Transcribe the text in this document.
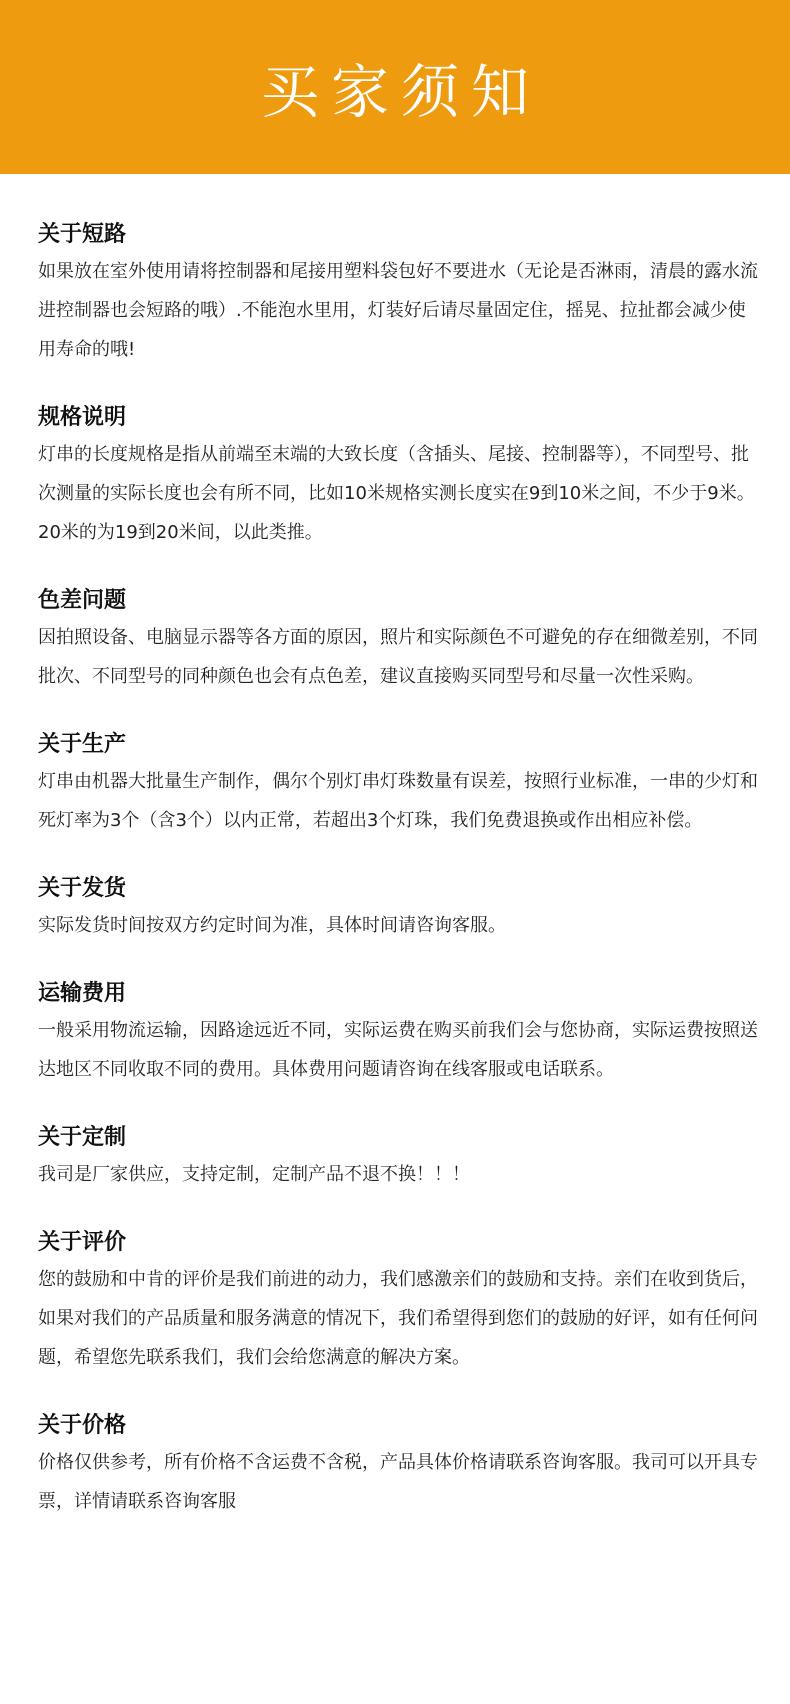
买家须知
关于短路

如果放在室外使用请将控制器和尾接用塑料袋包好不要进水（无论是否淋雨，清晨的露水流进控制器也会短路的哦）.不能泡水里用，灯装好后请尽量固定住，摇晃、拉扯都会减少使用寿命的哦!

规格说明

灯串的长度规格是指从前端至末端的大致长度（含插头、尾接、控制器等），不同型号、批次测量的实际长度也会有所不同，比如10米规格实测长度实在9到10米之间，不少于9米。20米的为19到20米间，以此类推。

色差问题

因拍照设备、电脑显示器等各方面的原因，照片和实际颜色不可避免的存在细微差别，不同批次、不同型号的同种颜色也会有点色差，建议直接购买同型号和尽量一次性采购。

关于生产

灯串由机器大批量生产制作，偶尔个别灯串灯珠数量有误差，按照行业标准，一串的少灯和死灯率为3个（含3个）以内正常，若超出3个灯珠，我们免费退换或作出相应补偿。

关于发货

实际发货时间按双方约定时间为准，具体时间请咨询客服。

运输费用

一般采用物流运输，因路途远近不同，实际运费在购买前我们会与您协商，实际运费按照送达地区不同收取不同的费用。具体费用问题请咨询在线客服或电话联系。

关于定制

我司是厂家供应，支持定制，定制产品不退不换！！！

关于评价

您的鼓励和中肯的评价是我们前进的动力，我们感激亲们的鼓励和支持。亲们在收到货后，如果对我们的产品质量和服务满意的情况下，我们希望得到您们的鼓励的好评，如有任何问题，希望您先联系我们，我们会给您满意的解决方案。

关于价格

价格仅供参考，所有价格不含运费不含税，产品具体价格请联系咨询客服。我司可以开具专票，详情请联系咨询客服
